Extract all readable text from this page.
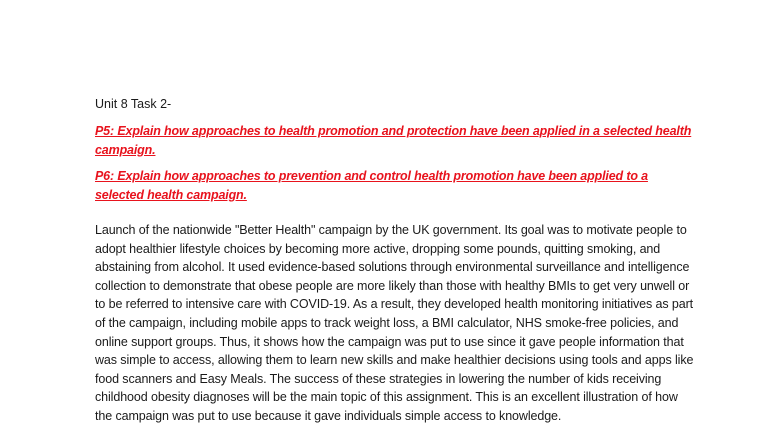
Unit 8 Task 2-

P5: Explain how approaches to health promotion and protection have been applied in a selected health campaign.

P6: Explain how approaches to prevention and control health promotion have been applied to a selected health campaign.

Launch of the nationwide "Better Health" campaign by the UK government. Its goal was to motivate people to adopt healthier lifestyle choices by becoming more active, dropping some pounds, quitting smoking, and abstaining from alcohol. It used evidence-based solutions through environmental surveillance and intelligence collection to demonstrate that obese people are more likely than those with healthy BMIs to get very unwell or to be referred to intensive care with COVID-19. As a result, they developed health monitoring initiatives as part of the campaign, including mobile apps to track weight loss, a BMI calculator, NHS smoke-free policies, and online support groups. Thus, it shows how the campaign was put to use since it gave people information that was simple to access, allowing them to learn new skills and make healthier decisions using tools and apps like food scanners and Easy Meals. The success of these strategies in lowering the number of kids receiving childhood obesity diagnoses will be the main topic of this assignment. This is an excellent illustration of how the campaign was put to use because it gave individuals simple access to knowledge.
